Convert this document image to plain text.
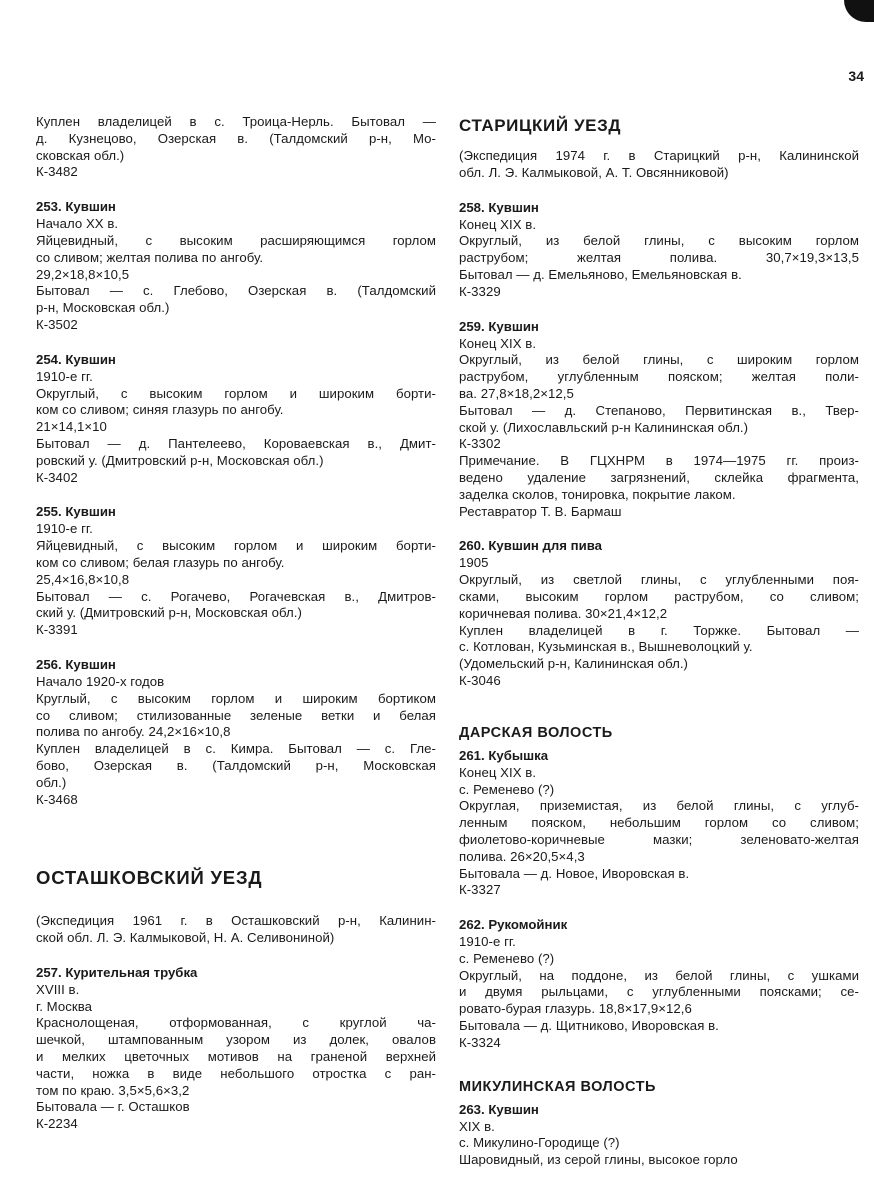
34
Куплен владелицей в с. Троица-Нерль. Бытовал —
д. Кузнецово, Озерская в. (Талдомский р-н, Мо-
сковская обл.)
К-3482
253. Кувшин
Начало XX в.
Яйцевидный, с высоким расширяющимся горлом
со сливом; желтая полива по ангобу.
29,2×18,8×10,5
Бытовал — с. Глебово, Озерская в. (Талдомский
р-н, Московская обл.)
К-3502
254. Кувшин
1910-е гг.
Округлый, с высоким горлом и широким борти-
ком со сливом; синяя глазурь по ангобу.
21×14,1×10
Бытовал — д. Пантелеево, Короваевская в., Дмит-
ровский у. (Дмитровский р-н, Московская обл.)
К-3402
255. Кувшин
1910-е гг.
Яйцевидный, с высоким горлом и широким борти-
ком со сливом; белая глазурь по ангобу.
25,4×16,8×10,8
Бытовал — с. Рогачево, Рогачевская в., Дмитров-
ский у. (Дмитровский р-н, Московская обл.)
К-3391
256. Кувшин
Начало 1920-х годов
Круглый, с высоким горлом и широким бортиком
со сливом; стилизованные зеленые ветки и белая
полива по ангобу. 24,2×16×10,8
Куплен владелицей в с. Кимра. Бытовал — с. Гле-
бово, Озерская в. (Талдомский р-н, Московская
обл.)
К-3468
ОСТАШКОВСКИЙ УЕЗД
(Экспедиция 1961 г. в Осташковский р-н, Калинин-
ской обл. Л. Э. Калмыковой, Н. А. Селивониной)
257. Курительная трубка
XVIII в.
г. Москва
Краснолощеная, отформованная, с круглой ча-
шечкой, штампованным узором из долек, овалов
и мелких цветочных мотивов на граненой верхней
части, ножка в виде небольшого отростка с ран-
том по краю. 3,5×5,6×3,2
Бытовала — г. Осташков
К-2234
СТАРИЦКИЙ УЕЗД
(Экспедиция 1974 г. в Старицкий р-н, Калининской
обл. Л. Э. Калмыковой, А. Т. Овсянниковой)
258. Кувшин
Конец XIX в.
Округлый, из белой глины, с высоким горлом
раструбом; желтая полива. 30,7×19,3×13,5
Бытовал — д. Емельяново, Емельяновская в.
К-3329
259. Кувшин
Конец XIX в.
Округлый, из белой глины, с широким горлом
раструбом, углубленным пояском; желтая поли-
ва. 27,8×18,2×12,5
Бытовал — д. Степаново, Первитинская в., Твер-
ской у. (Лихославльский р-н Калининская обл.)
К-3302
Примечание. В ГЦХНРМ в 1974—1975 гг. произ-
ведено удаление загрязнений, склейка фрагмента,
заделка сколов, тонировка, покрытие лаком.
Реставратор Т. В. Бармаш
260. Кувшин для пива
1905
Округлый, из светлой глины, с углубленными поя-
сками, высоким горлом раструбом, со сливом;
коричневая полива. 30×21,4×12,2
Куплен владелицей в г. Торжке. Бытовал —
с. Котлован, Кузьминская в., Вышневолоцкий у.
(Удомельский р-н, Калининская обл.)
К-3046
ДАРСКАЯ ВОЛОСТЬ
261. Кубышка
Конец XIX в.
с. Ременево (?)
Округлая, приземистая, из белой глины, с углуб-
ленным пояском, небольшим горлом со сливом;
фиолетово-коричневые мазки; зеленовато-желтая
полива. 26×20,5×4,3
Бытовала — д. Новое, Иворовская в.
К-3327
262. Рукомойник
1910-е гг.
с. Ременево (?)
Округлый, на поддоне, из белой глины, с ушками
и двумя рыльцами, с углубленными поясками; се-
ровато-бурая глазурь. 18,8×17,9×12,6
Бытовала — д. Щитниково, Иворовская в.
К-3324
МИКУЛИНСКАЯ ВОЛОСТЬ
263. Кувшин
XIX в.
с. Микулино-Городище (?)
Шаровидный, из серой глины, высокое горло
